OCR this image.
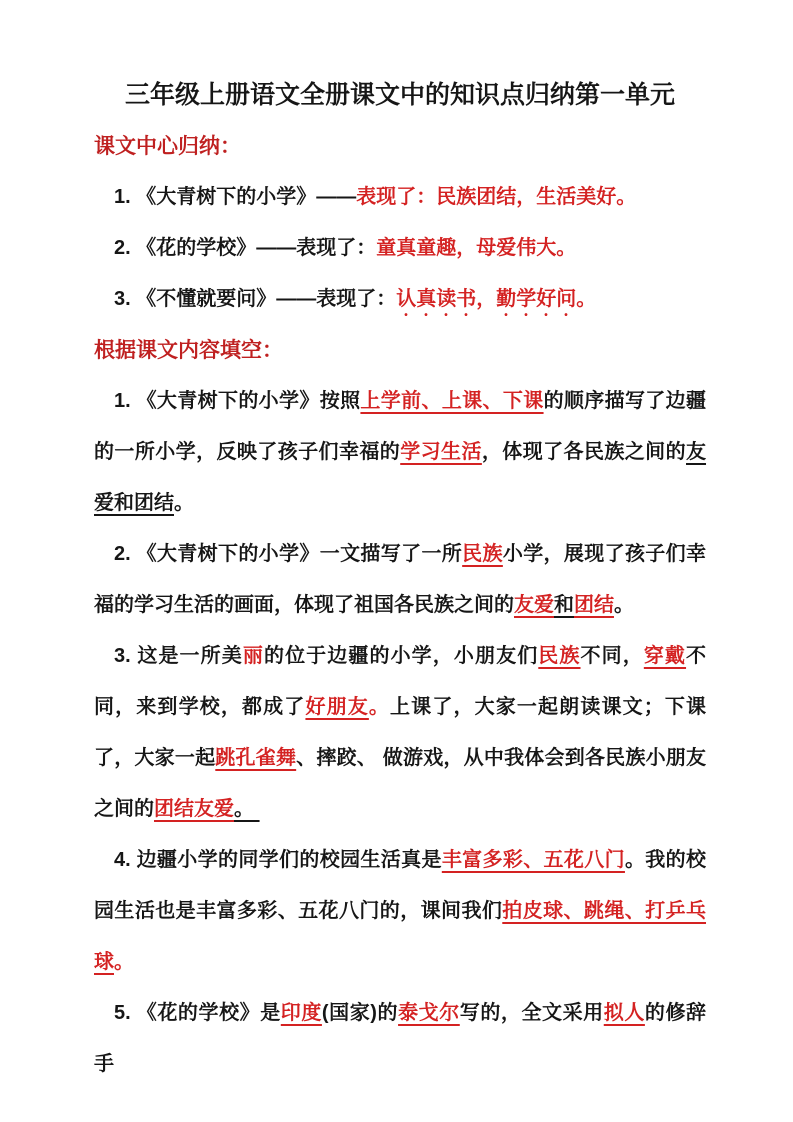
三年级上册语文全册课文中的知识点归纳第一单元
课文中心归纳：

1. 《大青树下的小学》——表现了：民族团结，生活美好。

2. 《花的学校》——表现了：童真童趣，母爱伟大。

3. 《不懂就要问》——表现了：认真读书，勤学好问。

根据课文内容填空：

1. 《大青树下的小学》按照上学前、上课、下课的顺序描写了边疆的一所小学，反映了孩子们幸福的学习生活，体现了各民族之间的友爱和团结。

2. 《大青树下的小学》一文描写了一所民族小学，展现了孩子们幸福的学习生活的画面，体现了祖国各民族之间的友爱和团结。

3. 这是一所美丽的位于边疆的小学，小朋友们民族不同，穿戴不同，来到学校，都成了好朋友。上课了，大家一起朗读课文；下课了，大家一起跳孔雀舞、摔跤、 做游戏，从中我体会到各民族小朋友之间的团结友爱。

4. 边疆小学的同学们的校园生活真是丰富多彩、五花八门。我的校园生活也是丰富多彩、五花八门的，课间我们拍皮球、跳绳、打乒乓球。

5. 《花的学校》是印度(国家)的泰戈尔写的，全文采用拟人的修辞手
